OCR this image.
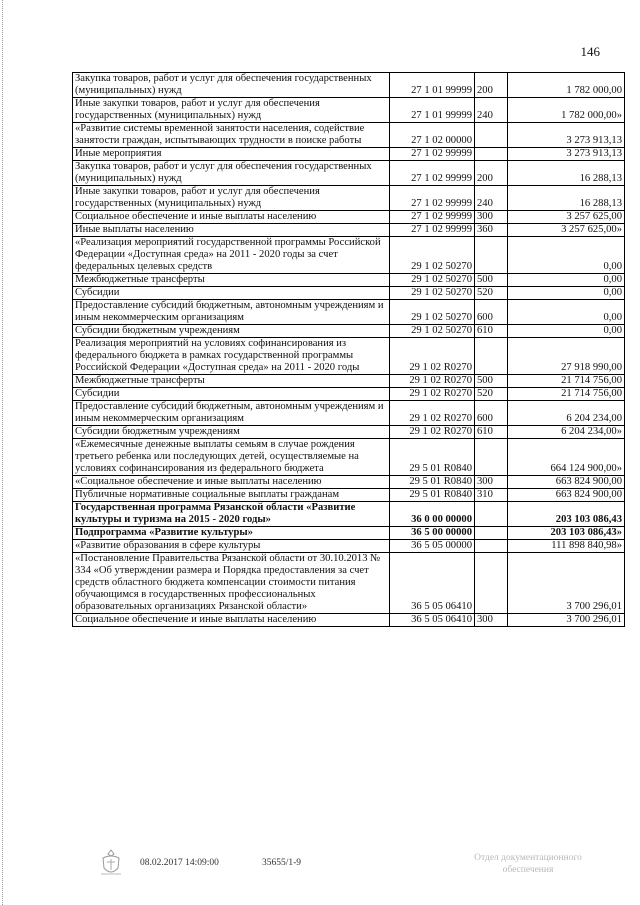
146
Закупка товаров, работ и услуг для обеспечения государственных (муниципальных) нужд	27 1 01 99999	200	1 782 000,00
Иные закупки товаров, работ и услуг для обеспечения государственных (муниципальных) нужд	27 1 01 99999	240	1 782 000,00»
«Развитие системы временной занятости населения, содействие занятости граждан, испытывающих трудности в поиске работы	27 1 02 00000		3 273 913,13
Иные мероприятия	27 1 02 99999		3 273 913,13
Закупка товаров, работ и услуг для обеспечения государственных (муниципальных) нужд	27 1 02 99999	200	16 288,13
Иные закупки товаров, работ и услуг для обеспечения государственных (муниципальных) нужд	27 1 02 99999	240	16 288,13
Социальное обеспечение и иные выплаты населению	27 1 02 99999	300	3 257 625,00
Иные выплаты населению	27 1 02 99999	360	3 257 625,00»
«Реализация мероприятий государственной программы Российской Федерации «Доступная среда» на 2011 - 2020 годы за счет федеральных целевых средств	29 1 02 50270		0,00
Межбюджетные трансферты	29 1 02 50270	500	0,00
Субсидии	29 1 02 50270	520	0,00
Предоставление субсидий бюджетным, автономным учреждениям и иным некоммерческим организациям	29 1 02 50270	600	0,00
Субсидии бюджетным учреждениям	29 1 02 50270	610	0,00
Реализация мероприятий на условиях софинансирования из федерального бюджета в рамках государственной программы Российской Федерации «Доступная среда» на 2011 - 2020 годы	29 1 02 R0270		27 918 990,00
Межбюджетные трансферты	29 1 02 R0270	500	21 714 756,00
Субсидии	29 1 02 R0270	520	21 714 756,00
Предоставление субсидий бюджетным, автономным учреждениям и иным некоммерческим организациям	29 1 02 R0270	600	6 204 234,00
Субсидии бюджетным учреждениям	29 1 02 R0270	610	6 204 234,00»
«Ежемесячные денежные выплаты семьям в случае рождения третьего ребенка или последующих детей, осуществляемые на условиях софинансирования из федерального бюджета	29 5 01 R0840		664 124 900,00»
«Социальное обеспечение и иные выплаты населению	29 5 01 R0840	300	663 824 900,00
Публичные нормативные социальные выплаты гражданам	29 5 01 R0840	310	663 824 900,00
Государственная программа Рязанской области «Развитие культуры и туризма на 2015 - 2020 годы»	36 0 00 00000		203 103 086,43
Подпрограмма «Развитие культуры»	36 5 00 00000		203 103 086,43»
«Развитие образования в сфере культуры	36 5 05 00000		111 898 840,98»
«Постановление Правительства Рязанской области от 30.10.2013 № 334 «Об утверждении размера и Порядка предоставления за счет средств областного бюджета компенсации стоимости питания обучающимся в государственных профессиональных образовательных организациях Рязанской области»	36 5 05 06410		3 700 296,01
Социальное обеспечение и иные выплаты населению	36 5 05 06410	300	3 700 296,01
08.02.2017 14:09:00	35655/1-9	Отдел документационного обеспечения
